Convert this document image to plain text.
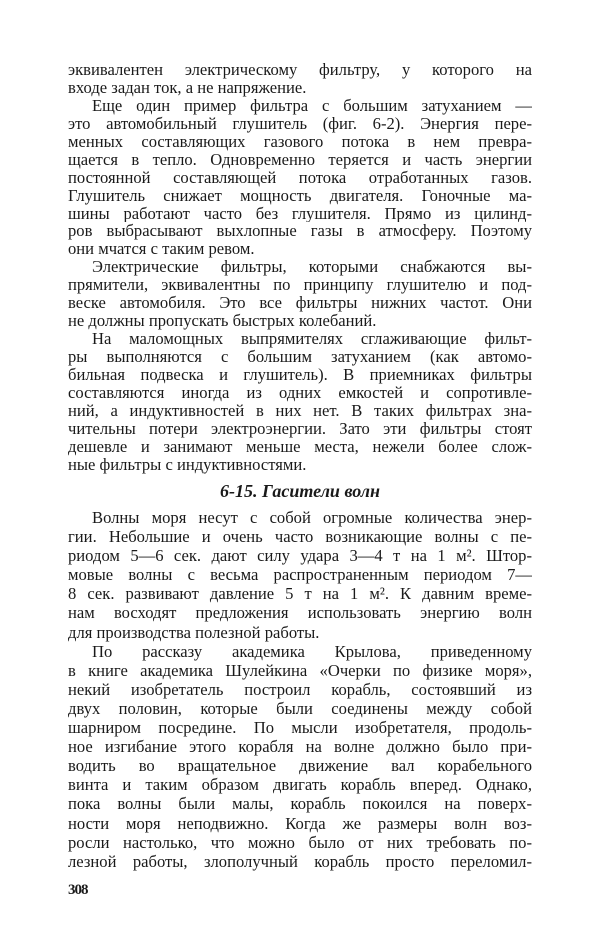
эквивалентен электрическому фильтру, у которого на
входе задан ток, а не напряжение.
Еще один пример фильтра с большим затуханием —
это автомобильный глушитель (фиг. 6-2). Энергия пере-
менных составляющих газового потока в нем превра-
щается в тепло. Одновременно теряется и часть энергии
постоянной составляющей потока отработанных газов.
Глушитель снижает мощность двигателя. Гоночные ма-
шины работают часто без глушителя. Прямо из цилинд-
ров выбрасывают выхлопные газы в атмосферу. Поэтому
они мчатся с таким ревом.
Электрические фильтры, которыми снабжаются вы-
прямители, эквивалентны по принципу глушителю и под-
веске автомобиля. Это все фильтры нижних частот. Они
не должны пропускать быстрых колебаний.
На маломощных выпрямителях сглаживающие фильт-
ры выполняются с большим затуханием (как автомо-
бильная подвеска и глушитель). В приемниках фильтры
составляются иногда из одних емкостей и сопротивле-
ний, а индуктивностей в них нет. В таких фильтрах зна-
чительны потери электроэнергии. Зато эти фильтры стоят
дешевле и занимают меньше места, нежели более слож-
ные фильтры с индуктивностями.
6-15. Гасители волн
Волны моря несут с собой огромные количества энер-
гии. Небольшие и очень часто возникающие волны с пе-
риодом 5—6 сек. дают силу удара 3—4 т на 1 м². Штор-
мовые волны с весьма распространенным периодом 7—
8 сек. развивают давление 5 т на 1 м². К давним време-
нам восходят предложения использовать энергию волн
для производства полезной работы.
По рассказу академика Крылова, приведенному
в книге академика Шулейкина «Очерки по физике моря»,
некий изобретатель построил корабль, состоявший из
двух половин, которые были соединены между собой
шарниром посредине. По мысли изобретателя, продоль-
ное изгибание этого корабля на волне должно было при-
водить во вращательное движение вал корабельного
винта и таким образом двигать корабль вперед. Однако,
пока волны были малы, корабль покоился на поверх-
ности моря неподвижно. Когда же размеры волн воз-
росли настолько, что можно было от них требовать по-
лезной работы, злополучный корабль просто переломил-
308
